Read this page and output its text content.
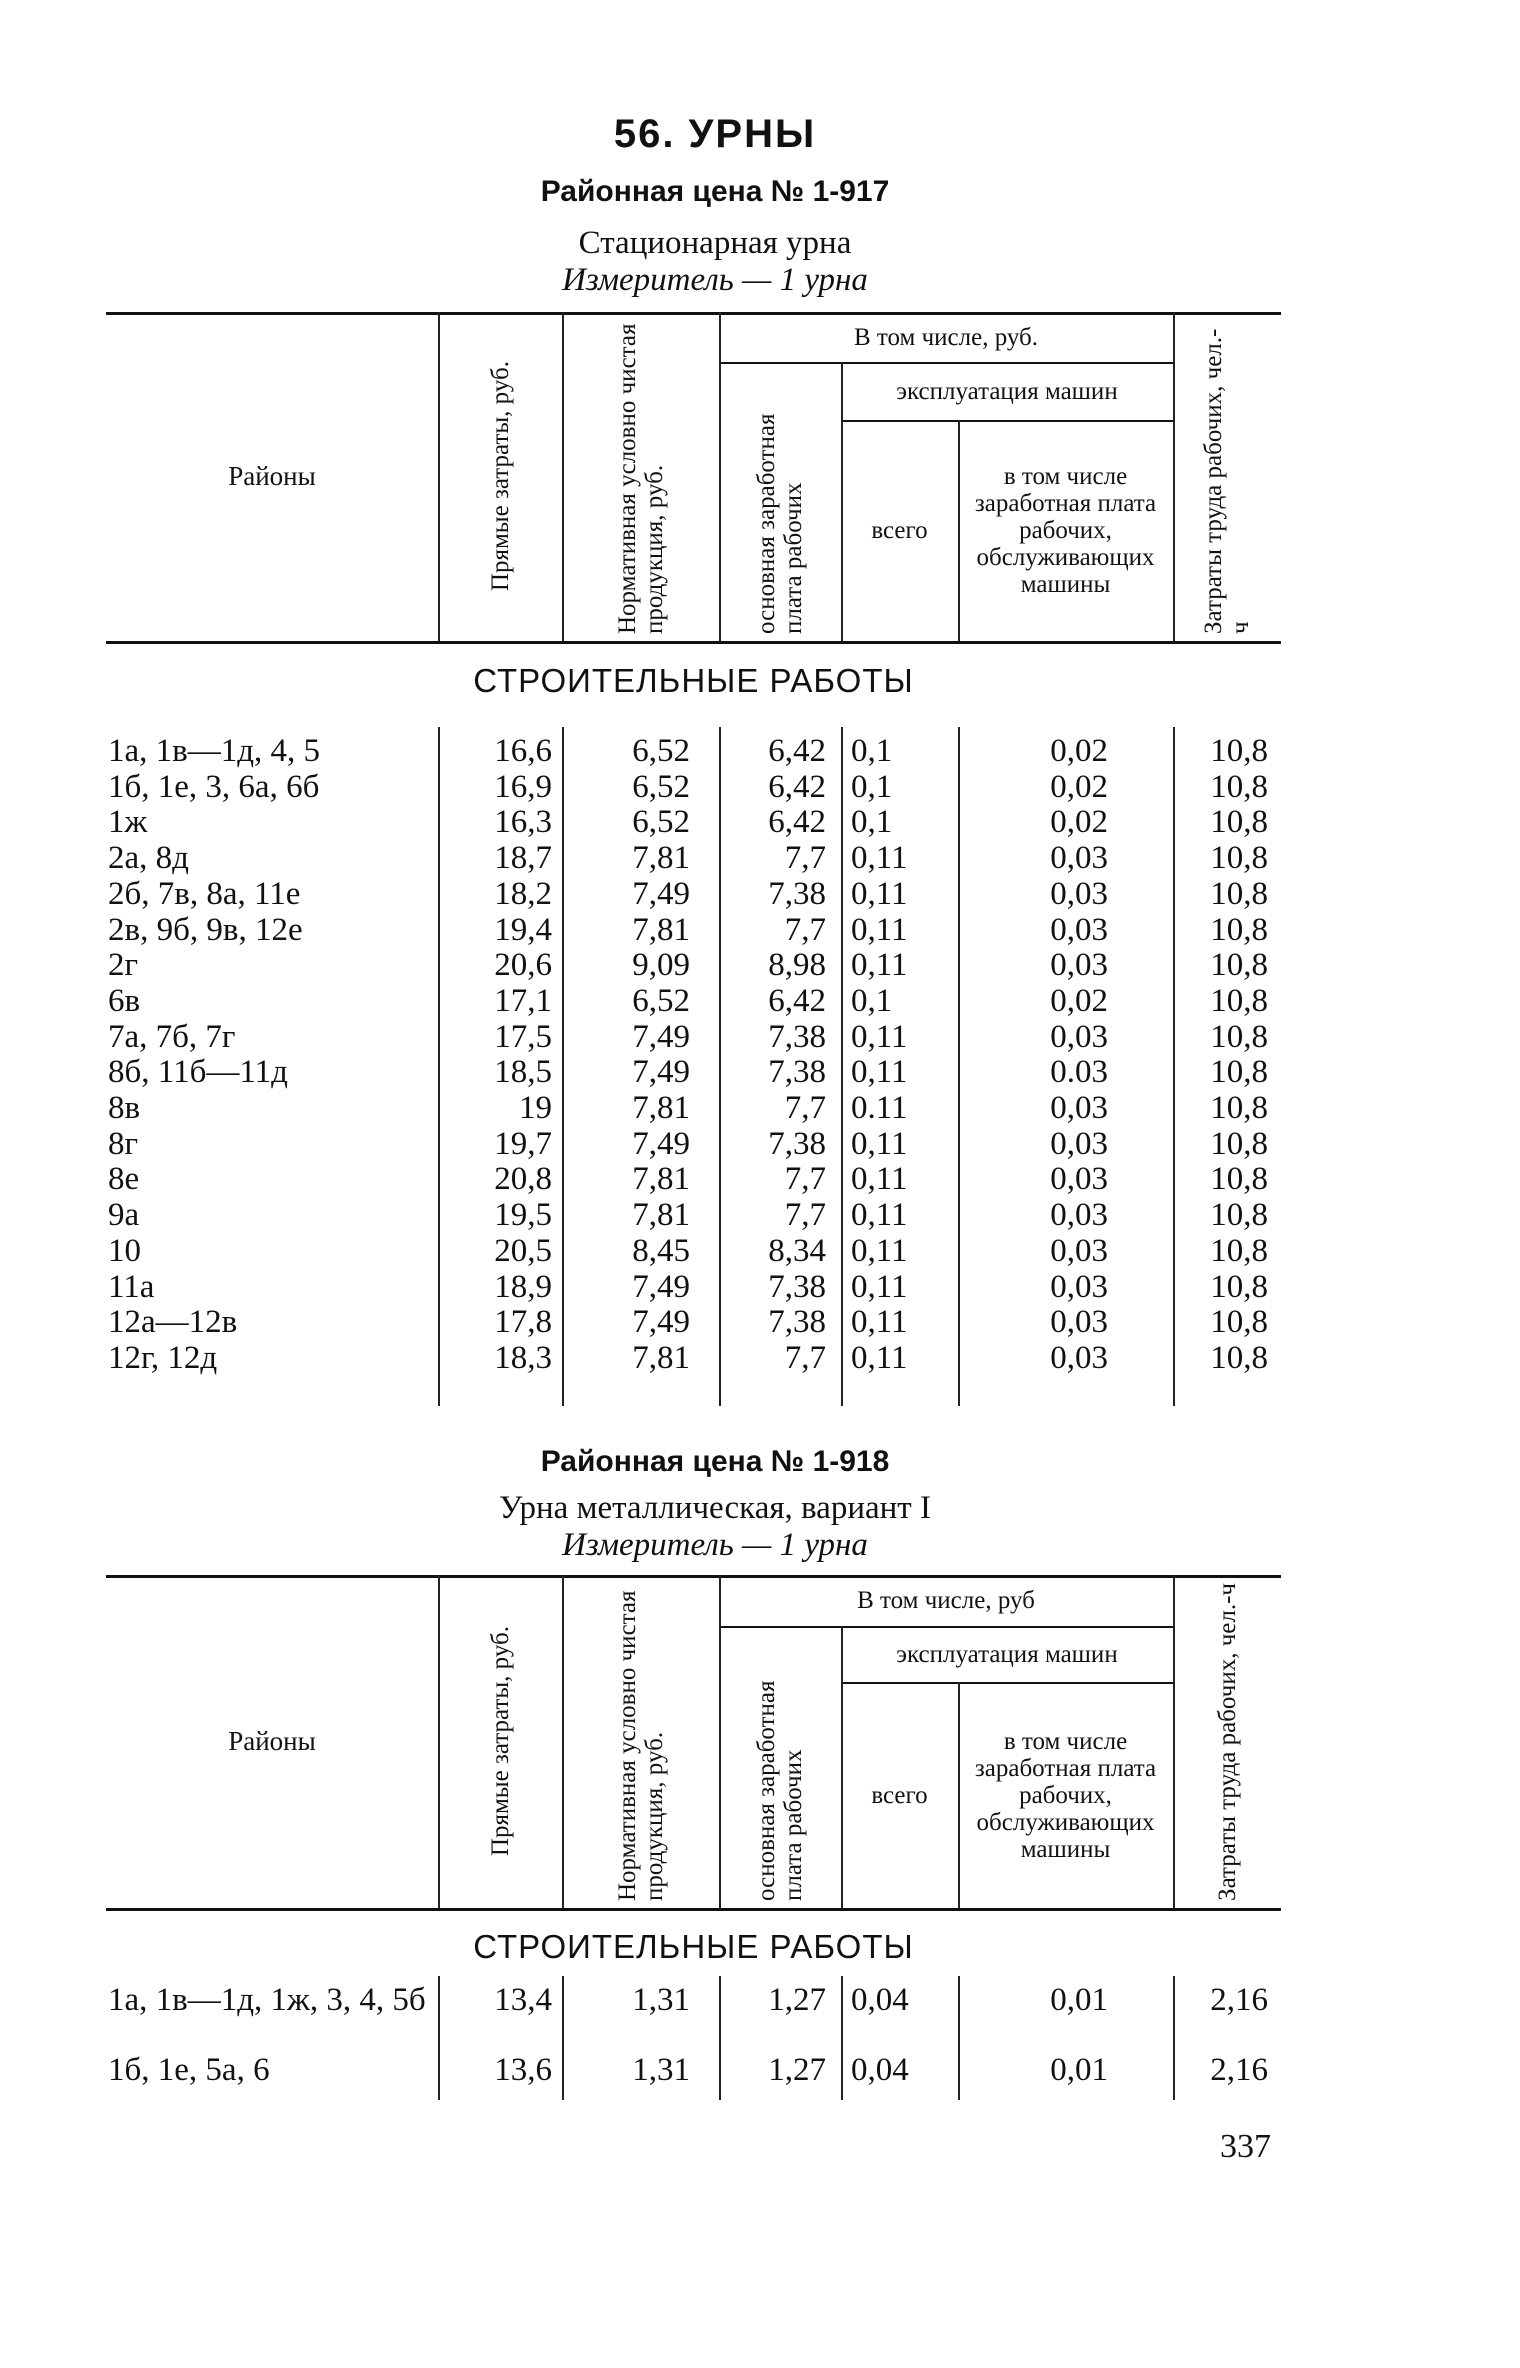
56. УРНЫ
Районная цена № 1-917
Стационарная урна
Измеритель — 1 урна
Районы	Прямые затраты, руб.	Нормативная условно чистая продукция, руб.	основная заработная плата рабочих	Затраты труда рабочих, чел.-ч
В том числе, руб.
эксплуатация машин
всего
в том числе заработная плата рабочих, обслуживающих машины
СТРОИТЕЛЬНЫЕ РАБОТЫ
1а, 1в—1д, 4, 5	16,6	6,52	6,42 0,1	0,02	10,8
1б, 1е, 3, 6а, 6б	16,9	6,52	6,42 0,1	0,02	10,8
1ж	16,3	6,52	6,42 0,1	0,02	10,8
2а, 8д	18,7	7,81	7,7 0,11	0,03	10,8
2б, 7в, 8а, 11е	18,2	7,49	7,38 0,11	0,03	10,8
2в, 9б, 9в, 12е	19,4	7,81	7,7 0,11	0,03	10,8
2г	20,6	9,09	8,98 0,11	0,03	10,8
6в	17,1	6,52	6,42 0,1	0,02	10,8
7а, 7б, 7г	17,5	7,49	7,38 0,11	0,03	10,8
8б, 11б—11д	18,5	7,49	7,38 0,11	0.03	10,8
8в	19	7,81	7,7 0.11	0,03	10,8
8г	19,7	7,49	7,38 0,11	0,03	10,8
8е	20,8	7,81	7,7 0,11	0,03	10,8
9а	19,5	7,81	7,7 0,11	0,03	10,8
10	20,5	8,45	8,34 0,11	0,03	10,8
11а	18,9	7,49	7,38 0,11	0,03	10,8
12а—12в	17,8	7,49	7,38 0,11	0,03	10,8
12г, 12д	18,3	7,81	7,7 0,11	0,03	10,8
Районная цена № 1-918
Урна металлическая, вариант I
Измеритель — 1 урна
Районы	Прямые затраты, руб.	Нормативная условно чистая продукция, руб.	основная заработная плата рабочих	Затраты труда рабочих, чел.-ч
В том числе, руб
эксплуатация машин
всего
в том числе заработная плата рабочих, обслуживающих машины
СТРОИТЕЛЬНЫЕ РАБОТЫ
1а, 1в—1д, 1ж, 3, 4, 5б	13,4	1,31	1,27 0,04	0,01	2,16
1б, 1е, 5а, 6	13,6	1,31	1,27 0,04	0,01	2,16
337
